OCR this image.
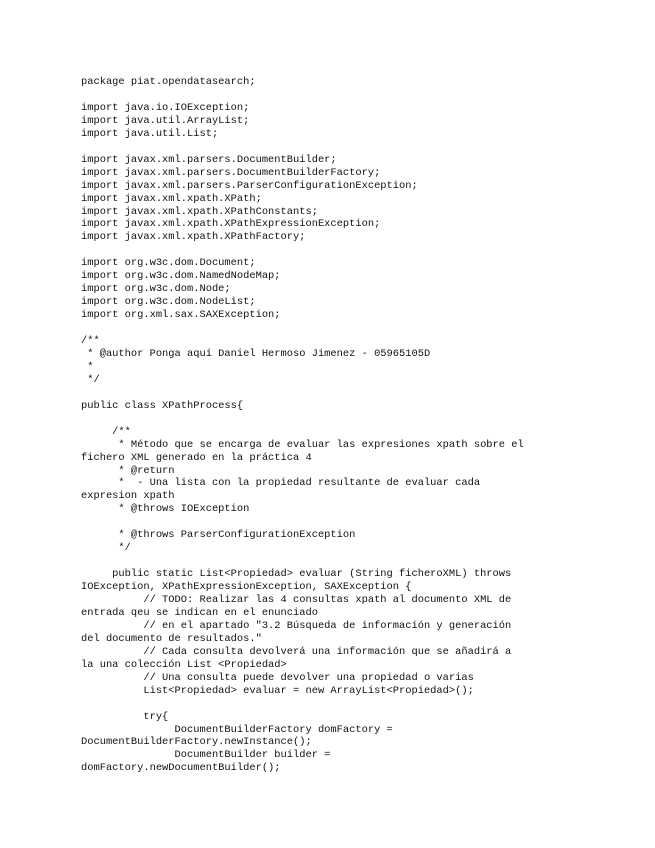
package piat.opendatasearch;
import java.io.IOException;
import java.util.ArrayList;
import java.util.List;
import javax.xml.parsers.DocumentBuilder;
import javax.xml.parsers.DocumentBuilderFactory;
import javax.xml.parsers.ParserConfigurationException;
import javax.xml.xpath.XPath;
import javax.xml.xpath.XPathConstants;
import javax.xml.xpath.XPathExpressionException;
import javax.xml.xpath.XPathFactory;
import org.w3c.dom.Document;
import org.w3c.dom.NamedNodeMap;
import org.w3c.dom.Node;
import org.w3c.dom.NodeList;
import org.xml.sax.SAXException;
/**
* @author Ponga aquí Daniel Hermoso Jimenez - 05965105D
*
*/
public class XPathProcess{
/**
* Método que se encarga de evaluar las expresiones xpath sobre el
fichero XML generado en la práctica 4
* @return
*  - Una lista con la propiedad resultante de evaluar cada
expresion xpath
* @throws IOException
* @throws ParserConfigurationException
*/
public static List<Propiedad> evaluar (String ficheroXML) throws
IOException, XPathExpressionException, SAXException {
// TODO: Realizar las 4 consultas xpath al documento XML de
entrada qeu se indican en el enunciado
// en el apartado "3.2 Búsqueda de información y generación
del documento de resultados."
// Cada consulta devolverá una información que se añadirá a
la una colección List <Propiedad>
// Una consulta puede devolver una propiedad o varias
List<Propiedad> evaluar = new ArrayList<Propiedad>();
try{
DocumentBuilderFactory domFactory =
DocumentBuilderFactory.newInstance();
DocumentBuilder builder =
domFactory.newDocumentBuilder();
